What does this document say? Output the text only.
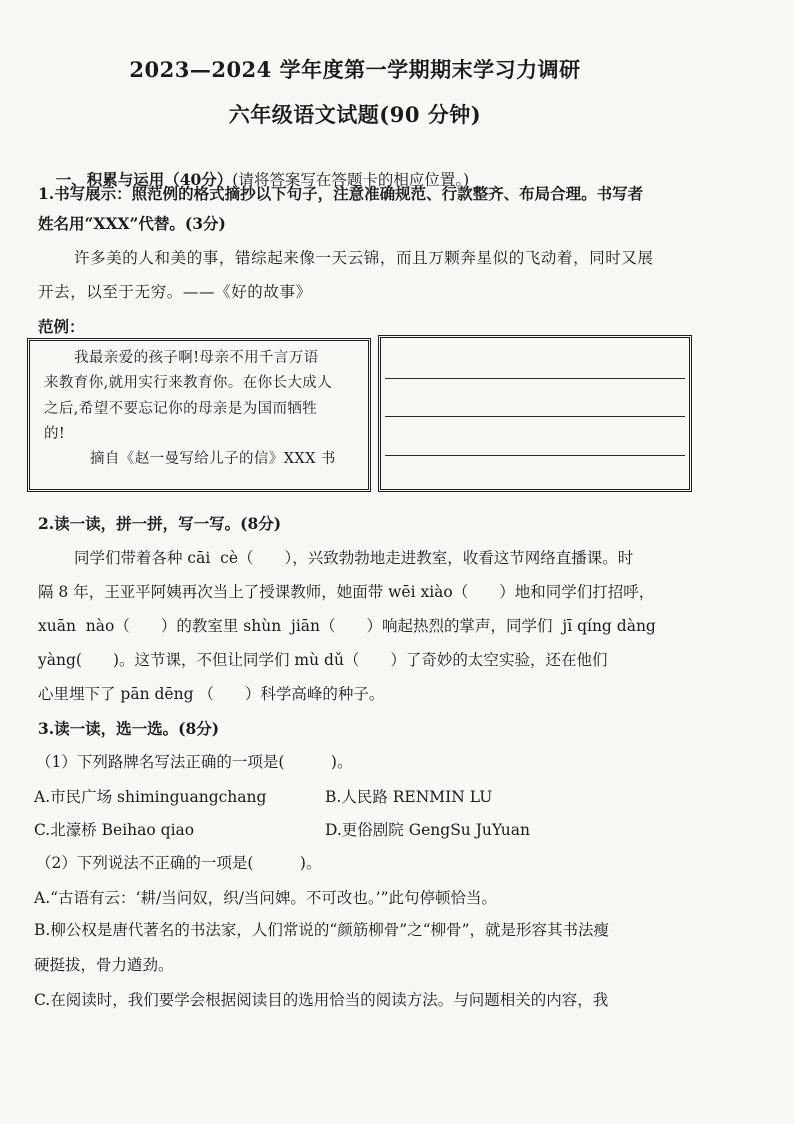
2023—2024 学年度第一学期期末学习力调研
六年级语文试题(90 分钟)

一、积累与运用（40分）(请将答案写在答题卡的相应位置。)

1.书写展示：照范例的格式摘抄以下句子，注意准确规范、行款整齐、布局合理。书写者
姓名用“XXX”代替。(3分)
许多美的人和美的事，错综起来像一天云锦，而且万颗奔星似的飞动着，同时又展
开去，以至于无穷。——《好的故事》
范例：
我最亲爱的孩子啊!母亲不用千言万语
来教育你,就用实行来教育你。在你长大成人
之后,希望不要忘记你的母亲是为国而牺牲
的!
摘自《赵一曼写给儿子的信》XXX 书
2.读一读，拼一拼，写一写。(8分)
同学们带着各种 cāi  cè（　　），兴致勃勃地走进教室，收看这节网络直播课。时
隔 8 年，王亚平阿姨再次当上了授课教师，她面带 wēi xiào（　　）地和同学们打招呼，
xuān  nào（　　）的教室里 shùn  jiān（　　）响起热烈的掌声，同学们  jī qíng dàng
yàng(　　)。这节课，不但让同学们 mù dǔ（　　）了奇妙的太空实验，还在他们
心里埋下了 pān dēng （　　）科学高峰的种子。
3.读一读，选一选。(8分)
（1）下列路牌名写法正确的一项是(　　　)。
A.市民广场 shiminguangchang	B.人民路 RENMIN LU
C.北濠桥 Beihao qiao	D.更俗剧院 GengSu JuYuan
（2）下列说法不正确的一项是(　　　)。
A.“古语有云：‘耕/当问奴，织/当问婢。不可改也。’”此句停顿恰当。
B.柳公权是唐代著名的书法家，人们常说的“颜筋柳骨”之“柳骨”，就是形容其书法瘦
硬挺拔，骨力遒劲。
C.在阅读时，我们要学会根据阅读目的选用恰当的阅读方法。与问题相关的内容，我
